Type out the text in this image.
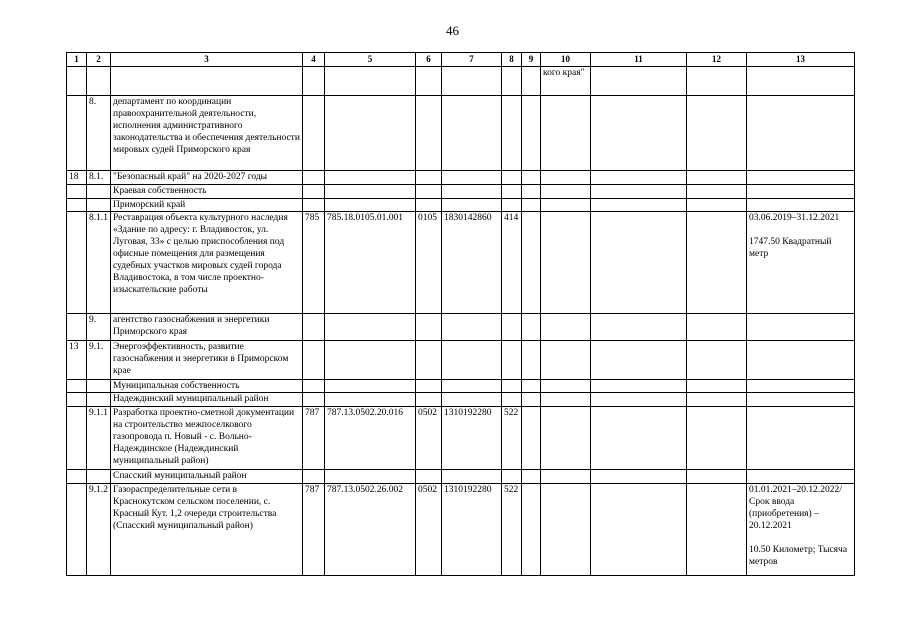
46
1	2	3	4	5	6	7	8	9	10	11	12	13
									кого края"			
	8.	департамент по координации правоохранительной деятельности, исполнения административного законодательства и обеспечения деятельности мировых судей Приморского края										
18	8.1.	"Безопасный край" на 2020-2027 годы										
		Краевая собственность										
		Приморский край										
	8.1.1	Реставрация объекта культурного наследия «Здание по адресу: г. Владивосток, ул. Луговая, 33» с целью приспособления под офисные помещения для размещения судебных участков мировых судей города Владивостока, в том числе проектно-изыскательские работы	785	785.18.0105.01.001	0105	1830142860	414					03.06.2019–31.12.2021
1747.50 Квадратный метр

	9.	агентство газоснабжения и энергетики Приморского края										
13	9.1.	Энергоэффективность, развитие газоснабжения и энергетики в Приморском крае										
		Муниципальная собственность										
		Надеждинский муниципальный район										
	9.1.1	Разработка проектно-сметной документации на строительство межпоселкового газопровода п. Новый - с. Вольно-Надеждинское (Надеждинский муниципальный район)	787	787.13.0502.20.016	0502	1310192280	522					
		Спасский муниципальный район										
	9.1.2	Газораспределительные сети в Краснокутском сельском поселении, с. Красный Кут. 1,2 очереди строительства (Спасский муниципальный район)	787	787.13.0502.26.002	0502	1310192280	522					01.01.2021–20.12.2022/ Срок ввода (приобретения) – 20.12.2021
10.50 Километр; Тысяча метров
